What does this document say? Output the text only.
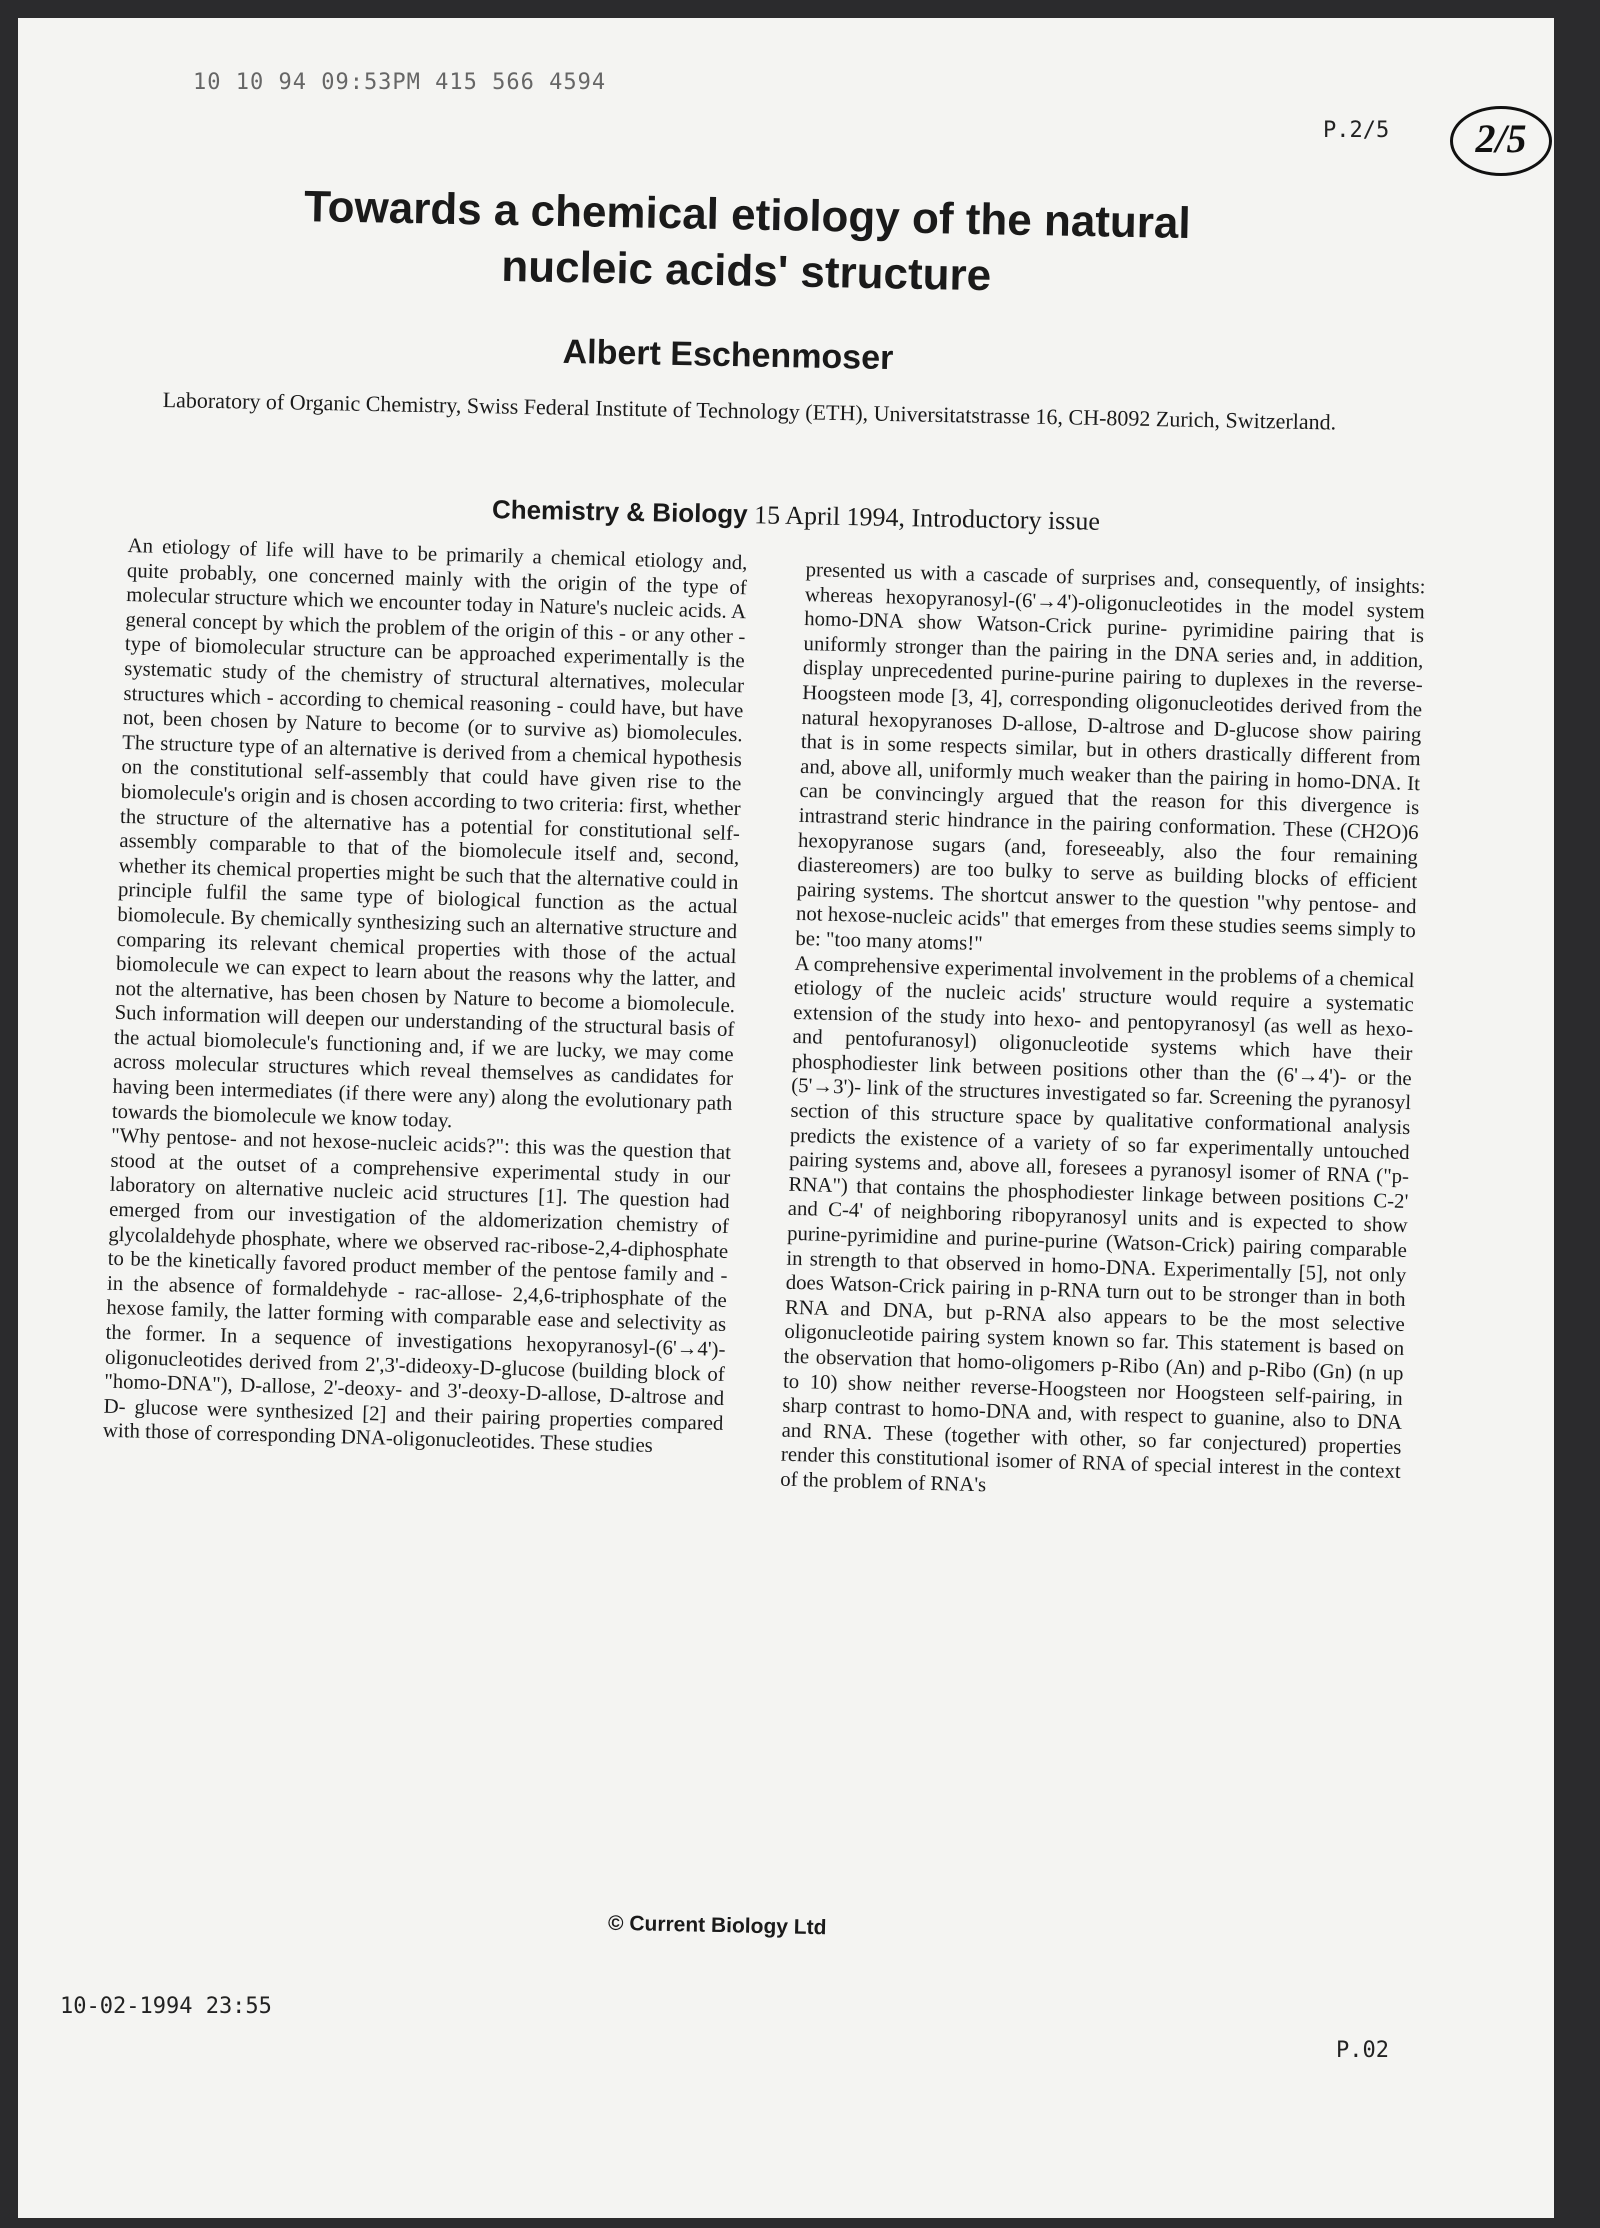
10 10 94 09:53PM 415 566 4594
P.2/5	2/5
Towards a chemical etiology of the natural
nucleic acids' structure
Albert Eschenmoser
Laboratory of Organic Chemistry, Swiss Federal Institute of Technology (ETH), Universitatstrasse 16, CH-8092 Zurich, Switzerland.
Chemistry & Biology 15 April 1994, Introductory issue

An etiology of life will have to be primarily a chemical etiology and, quite probably, one concerned mainly with the origin of the type of molecular structure which we encounter today in Nature's nucleic acids. A general concept by which the problem of the origin of this - or any other - type of biomolecular structure can be approached experimentally is the systematic study of the chemistry of structural alternatives, molecular structures which - according to chemical reasoning - could have, but have not, been chosen by Nature to become (or to survive as) biomolecules. The structure type of an alternative is derived from a chemical hypothesis on the constitutional self-assembly that could have given rise to the biomolecule's origin and is chosen according to two criteria: first, whether the structure of the alternative has a potential for constitutional self-assembly comparable to that of the biomolecule itself and, second, whether its chemical properties might be such that the alternative could in principle fulfil the same type of biological function as the actual biomolecule. By chemically synthesizing such an alternative structure and comparing its relevant chemical properties with those of the actual biomolecule we can expect to learn about the reasons why the latter, and not the alternative, has been chosen by Nature to become a biomolecule. Such information will deepen our understanding of the structural basis of the actual biomolecule's functioning and, if we are lucky, we may come across molecular structures which reveal themselves as candidates for having been intermediates (if there were any) along the evolutionary path towards the biomolecule we know today.

"Why pentose- and not hexose-nucleic acids?": this was the question that stood at the outset of a comprehensive experimental study in our laboratory on alternative nucleic acid structures [1]. The question had emerged from our investigation of the aldomerization chemistry of glycolaldehyde phosphate, where we observed rac-ribose-2,4-diphosphate to be the kinetically favored product member of the pentose family and - in the absence of formaldehyde - rac-allose- 2,4,6-triphosphate of the hexose family, the latter forming with comparable ease and selectivity as the former. In a sequence of investigations hexopyranosyl-(6'→4')-oligonucleotides derived from 2',3'-dideoxy-D-glucose (building block of "homo-DNA"), D-allose, 2'-deoxy- and 3'-deoxy-D-allose, D-altrose and D- glucose were synthesized [2] and their pairing properties compared with those of corresponding DNA-oligonucleotides. These studies

presented us with a cascade of surprises and, consequently, of insights: whereas hexopyranosyl-(6'→4')-oligonucleotides in the model system homo-DNA show Watson-Crick purine- pyrimidine pairing that is uniformly stronger than the pairing in the DNA series and, in addition, display unprecedented purine-purine pairing to duplexes in the reverse-Hoogsteen mode [3, 4], corresponding oligonucleotides derived from the natural hexopyranoses D-allose, D-altrose and D-glucose show pairing that is in some respects similar, but in others drastically different from and, above all, uniformly much weaker than the pairing in homo-DNA. It can be convincingly argued that the reason for this divergence is intrastrand steric hindrance in the pairing conformation. These (CH2O)6 hexopyranose sugars (and, foreseeably, also the four remaining diastereomers) are too bulky to serve as building blocks of efficient pairing systems. The shortcut answer to the question "why pentose- and not hexose-nucleic acids" that emerges from these studies seems simply to be: "too many atoms!"

A comprehensive experimental involvement in the problems of a chemical etiology of the nucleic acids' structure would require a systematic extension of the study into hexo- and pentopyranosyl (as well as hexo- and pentofuranosyl) oligonucleotide systems which have their phosphodiester link between positions other than the (6'→4')- or the (5'→3')- link of the structures investigated so far. Screening the pyranosyl section of this structure space by qualitative conformational analysis predicts the existence of a variety of so far experimentally untouched pairing systems and, above all, foresees a pyranosyl isomer of RNA ("p- RNA") that contains the phosphodiester linkage between positions C-2' and C-4' of neighboring ribopyranosyl units and is expected to show purine-pyrimidine and purine-purine (Watson-Crick) pairing comparable in strength to that observed in homo-DNA. Experimentally [5], not only does Watson-Crick pairing in p-RNA turn out to be stronger than in both RNA and DNA, but p-RNA also appears to be the most selective oligonucleotide pairing system known so far. This statement is based on the observation that homo-oligomers p-Ribo (An) and p-Ribo (Gn) (n up to 10) show neither reverse-Hoogsteen nor Hoogsteen self-pairing, in sharp contrast to homo-DNA and, with respect to guanine, also to DNA and RNA. These (together with other, so far conjectured) properties render this constitutional isomer of RNA of special interest in the context of the problem of RNA's

© Current Biology Ltd
10-02-1994 23:55
P.02
